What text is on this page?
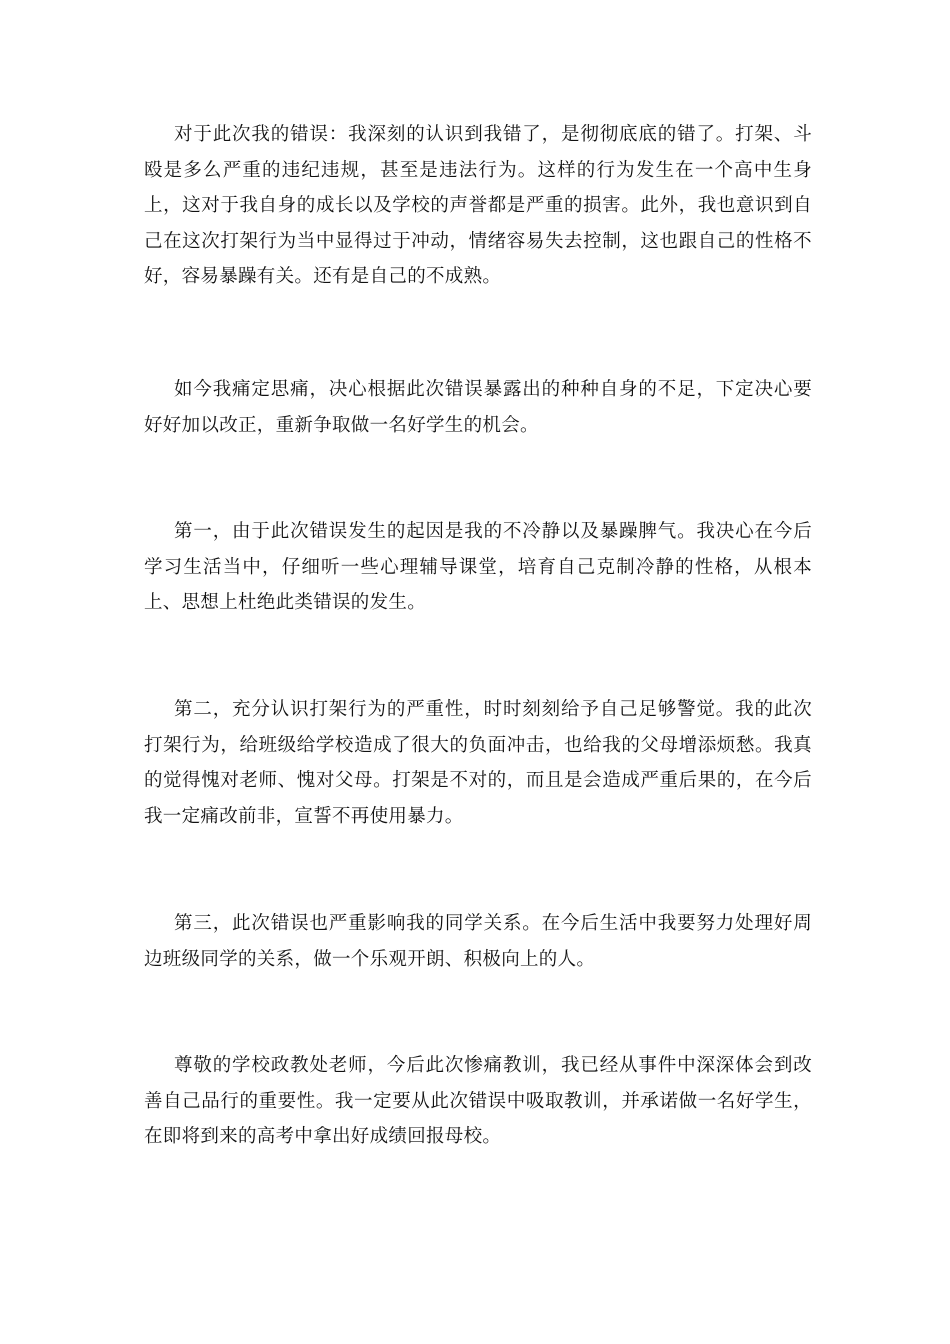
对于此次我的错误：我深刻的认识到我错了，是彻彻底底的错了。打架、斗殴是多么严重的违纪违规，甚至是违法行为。这样的行为发生在一个高中生身上，这对于我自身的成长以及学校的声誉都是严重的损害。此外，我也意识到自己在这次打架行为当中显得过于冲动，情绪容易失去控制，这也跟自己的性格不好，容易暴躁有关。还有是自己的不成熟。

如今我痛定思痛，决心根据此次错误暴露出的种种自身的不足，下定决心要好好加以改正，重新争取做一名好学生的机会。

第一，由于此次错误发生的起因是我的不冷静以及暴躁脾气。我决心在今后学习生活当中，仔细听一些心理辅导课堂，培育自己克制冷静的性格，从根本上、思想上杜绝此类错误的发生。

第二，充分认识打架行为的严重性，时时刻刻给予自己足够警觉。我的此次打架行为，给班级给学校造成了很大的负面冲击，也给我的父母增添烦愁。我真的觉得愧对老师、愧对父母。打架是不对的，而且是会造成严重后果的，在今后我一定痛改前非，宣誓不再使用暴力。

第三，此次错误也严重影响我的同学关系。在今后生活中我要努力处理好周边班级同学的关系，做一个乐观开朗、积极向上的人。

尊敬的学校政教处老师，今后此次惨痛教训，我已经从事件中深深体会到改善自己品行的重要性。我一定要从此次错误中吸取教训，并承诺做一名好学生，在即将到来的高考中拿出好成绩回报母校。
